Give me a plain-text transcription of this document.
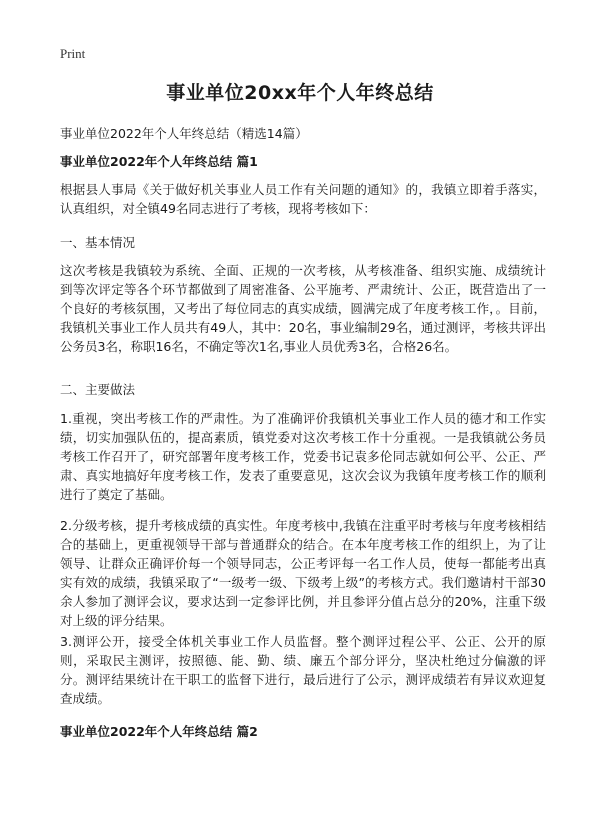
Print
事业单位20xx年个人年终总结
事业单位2022年个人年终总结（精选14篇）
事业单位2022年个人年终总结 篇1
根据县人事局《关于做好机关事业人员工作有关问题的通知》的，我镇立即着手落实，认真组织，对全镇49名同志进行了考核，现将考核如下：
一、基本情况
这次考核是我镇较为系统、全面、正规的一次考核，从考核准备、组织实施、成绩统计到等次评定等各个环节都做到了周密准备、公平施考、严肃统计、公正，既营造出了一个良好的考核氛围，又考出了每位同志的真实成绩，圆满完成了年度考核工作，。目前，我镇机关事业工作人员共有49人，其中：20名，事业编制29名，通过测评，考核共评出公务员3名，称职16名，不确定等次1名,事业人员优秀3名，合格26名。
二、主要做法
1.重视，突出考核工作的严肃性。为了准确评价我镇机关事业工作人员的德才和工作实绩，切实加强队伍的，提高素质，镇党委对这次考核工作十分重视。一是我镇就公务员考核工作召开了，研究部署年度考核工作，党委书记袁多伦同志就如何公平、公正、严肃、真实地搞好年度考核工作，发表了重要意见，这次会议为我镇年度考核工作的顺利进行了奠定了基础。
2.分级考核，提升考核成绩的真实性。年度考核中,我镇在注重平时考核与年度考核相结合的基础上，更重视领导干部与普通群众的结合。在本年度考核工作的组织上，为了让领导、让群众正确评价每一个领导同志，公正考评每一名工作人员，使每一都能考出真实有效的成绩，我镇采取了“一级考一级、下级考上级”的考核方式。我们邀请村干部30余人参加了测评会议，要求达到一定参评比例，并且参评分值占总分的20%，注重下级对上级的评分结果。
3.测评公开，接受全体机关事业工作人员监督。整个测评过程公平、公正、公开的原则，采取民主测评，按照德、能、勤、绩、廉五个部分评分，坚决杜绝过分偏激的评分。测评结果统计在干职工的监督下进行，最后进行了公示，测评成绩若有异议欢迎复查成绩。
事业单位2022年个人年终总结 篇2
